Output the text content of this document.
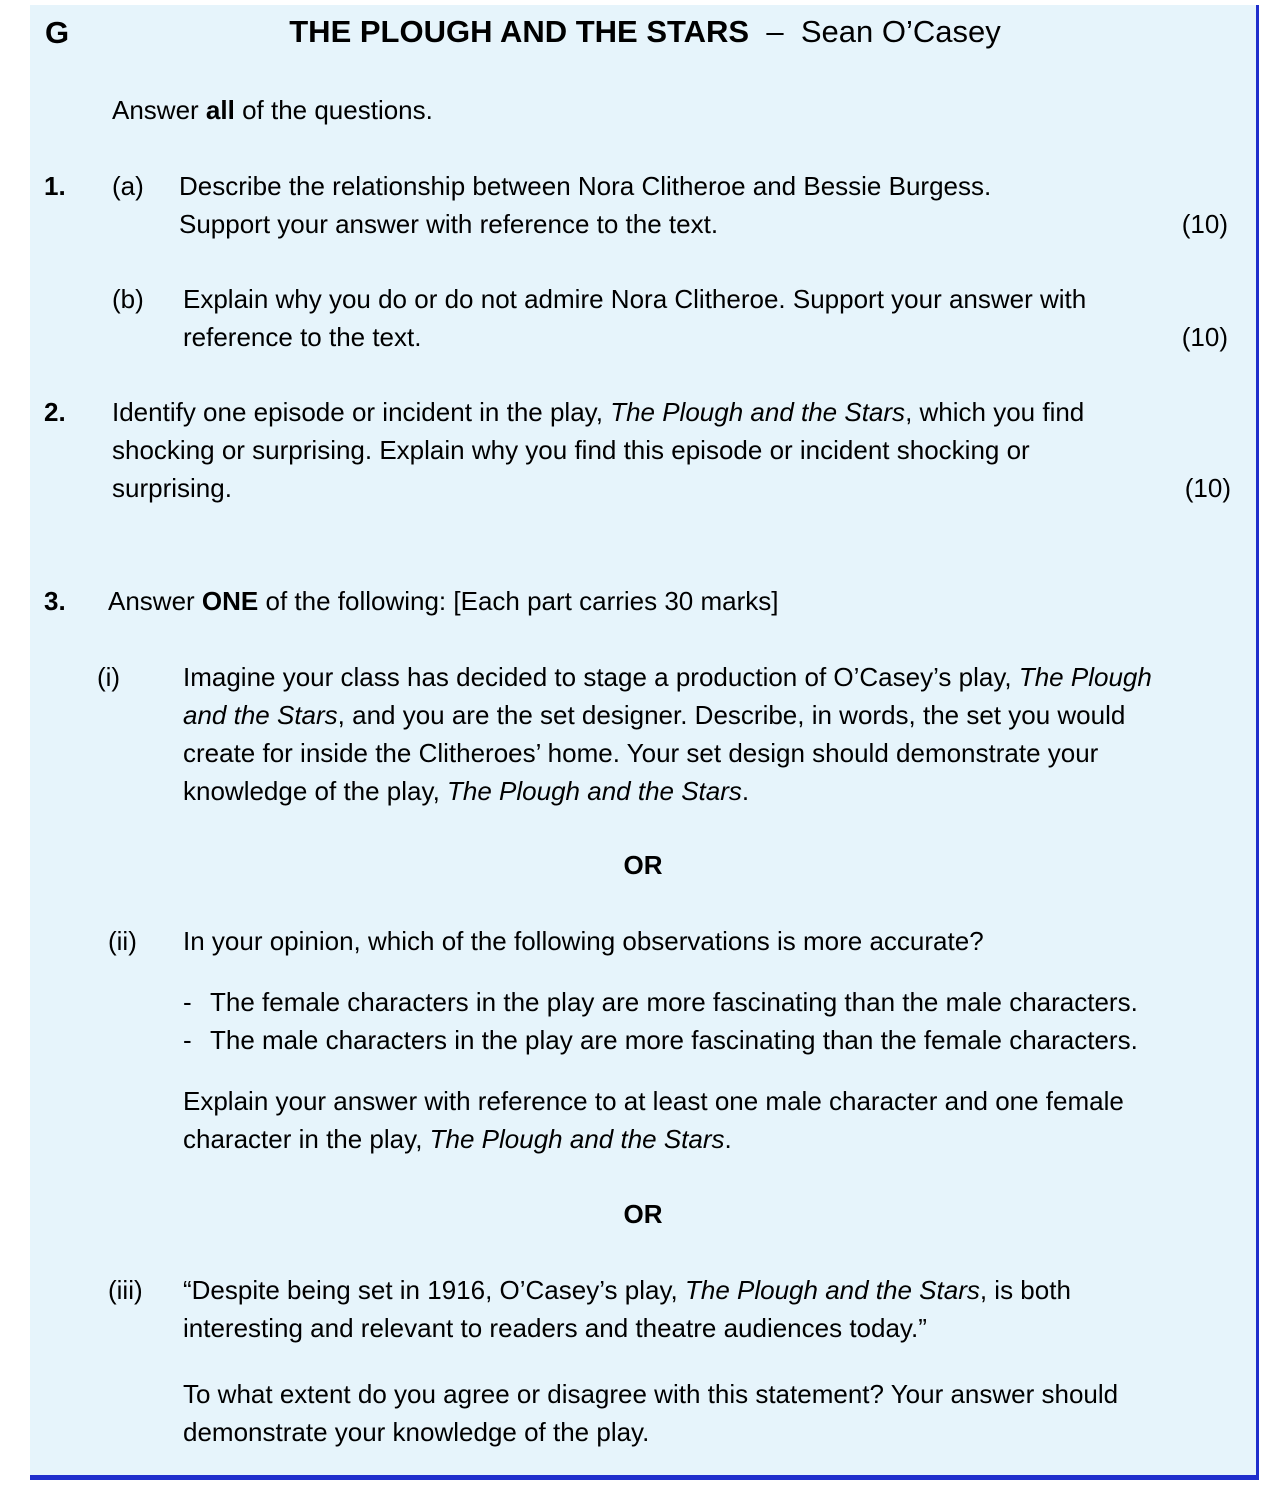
G	THE PLOUGH AND THE STARS – Sean O’Casey
Answer all of the questions.
1. (a) Describe the relationship between Nora Clitheroe and Bessie Burgess.
Support your answer with reference to the text.	(10)
(b) Explain why you do or do not admire Nora Clitheroe. Support your answer with
reference to the text.	(10)
2. Identify one episode or incident in the play, The Plough and the Stars, which you find
shocking or surprising. Explain why you find this episode or incident shocking or
surprising.	(10)
3. Answer ONE of the following: [Each part carries 30 marks]
(i) Imagine your class has decided to stage a production of O’Casey’s play, The Plough
and the Stars, and you are the set designer. Describe, in words, the set you would
create for inside the Clitheroes’ home. Your set design should demonstrate your
knowledge of the play, The Plough and the Stars.
OR
(ii) In your opinion, which of the following observations is more accurate?
- The female characters in the play are more fascinating than the male characters.
- The male characters in the play are more fascinating than the female characters.
Explain your answer with reference to at least one male character and one female
character in the play, The Plough and the Stars.
OR
(iii) “Despite being set in 1916, O’Casey’s play, The Plough and the Stars, is both
interesting and relevant to readers and theatre audiences today.”
To what extent do you agree or disagree with this statement? Your answer should
demonstrate your knowledge of the play.
